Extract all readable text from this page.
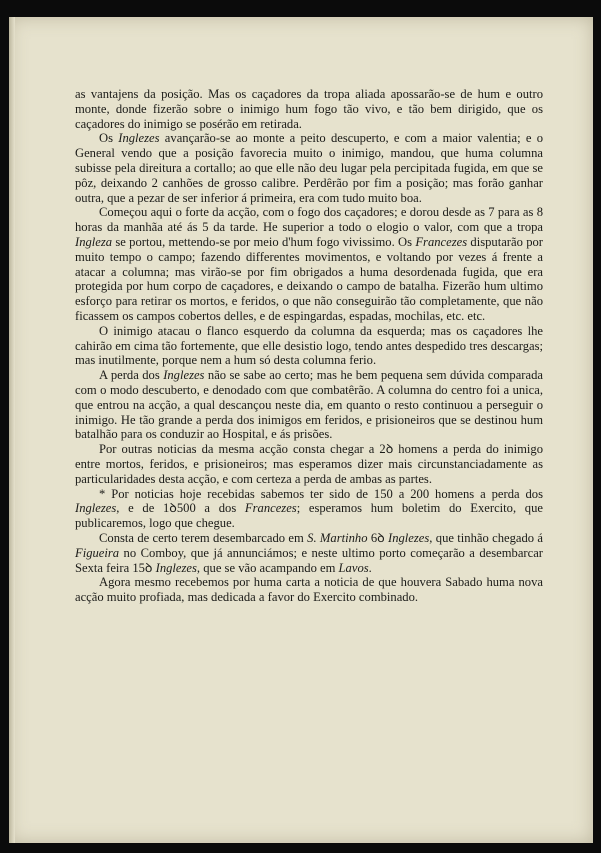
as vantajens da posição. Mas os caçadores da tropa aliada apossarão-se de hum e outro monte, donde fizerão sobre o inimigo hum fogo tão vivo, e tão bem dirigido, que os caçadores do inimigo se posérão em retirada.

Os Inglezes avançarão-se ao monte a peito descuperto, e com a maior valentia; e o General vendo que a posição favorecia muito o inimigo, mandou, que huma columna subisse pela direitura a cortallo; ao que elle não deu lugar pela percipitada fugida, em que se pôz, deixando 2 canhões de grosso calibre. Perdêrão por fim a posição; mas forão ganhar outra, que a pezar de ser inferior á primeira, era com tudo muito boa.

Começou aqui o forte da acção, com o fogo dos caçadores; e dorou desde as 7 para as 8 horas da manhãa até ás 5 da tarde. He superior a todo o elogio o valor, com que a tropa Ingleza se portou, mettendo-se por meio d'hum fogo vivissimo. Os Francezes disputarão por muito tempo o campo; fazendo differentes movimentos, e voltando por vezes á frente a atacar a columna; mas virão-se por fim obrigados a huma desordenada fugida, que era protegida por hum corpo de caçadores, e deixando o campo de batalha. Fizerão hum ultimo esforço para retirar os mortos, e feridos, o que não conseguirão tão completamente, que não ficassem os campos cobertos delles, e de espingardas, espadas, mochilas, etc. etc.

O inimigo atacau o flanco esquerdo da columna da esquerda; mas os caçadores lhe cahirão em cima tão fortemente, que elle desistio logo, tendo antes despedido tres descargas; mas inutilmente, porque nem a hum só desta columna ferio.

A perda dos Inglezes não se sabe ao certo; mas he bem pequena sem dúvida comparada com o modo descuberto, e denodado com que combatêrão. A columna do centro foi a unica, que entrou na acção, a qual descançou neste dia, em quanto o resto continuou a perseguir o inimigo. He tão grande a perda dos inimigos em feridos, e prisioneiros que se destinou hum batalhão para os conduzir ao Hospital, e ás prisões.

Por outras noticias da mesma acção consta chegar a 2ꝺ homens a perda do inimigo entre mortos, feridos, e prisioneiros; mas esperamos dizer mais circunstanciadamente as particularidades desta acção, e com certeza a perda de ambas as partes.

* Por noticias hoje recebidas sabemos ter sido de 150 a 200 homens a perda dos Inglezes, e de 1ꝺ500 a dos Francezes; esperamos hum boletim do Exercito, que publicaremos, logo que chegue.

Consta de certo terem desembarcado em S. Martinho 6ꝺ Inglezes, que tinhão chegado á Figueira no Comboy, que já annunciámos; e neste ultimo porto começarão a desembarcar Sexta feira 15ꝺ Inglezes, que se vão acampando em Lavos.

Agora mesmo recebemos por huma carta a noticia de que houvera Sabado huma nova acção muito profiada, mas dedicada a favor do Exercito combinado.
